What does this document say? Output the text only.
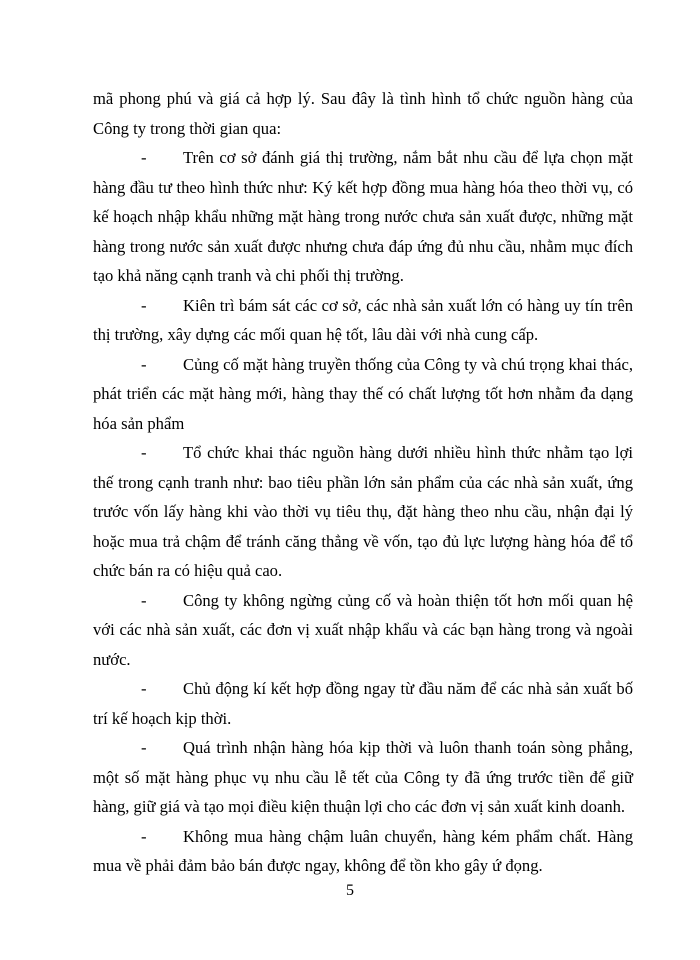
mã phong phú và giá cả hợp lý. Sau đây là tình hình tổ chức nguồn hàng của Công ty trong thời gian qua:

- Trên cơ sở đánh giá thị trường, nắm bắt nhu cầu để lựa chọn mặt hàng đầu tư theo hình thức như: Ký kết hợp đồng mua hàng hóa theo thời vụ, có kế hoạch nhập khẩu những mặt hàng trong nước chưa sản xuất được, những mặt hàng trong nước sản xuất được nhưng chưa đáp ứng đủ nhu cầu, nhằm mục đích tạo khả năng cạnh tranh và chi phối thị trường.

- Kiên trì bám sát các cơ sở, các nhà sản xuất lớn có hàng uy tín trên thị trường, xây dựng các mối quan hệ tốt, lâu dài với nhà cung cấp.

- Củng cố mặt hàng truyền thống của Công ty và chú trọng khai thác, phát triển các mặt hàng mới, hàng thay thế có chất lượng tốt hơn nhằm đa dạng hóa sản phẩm

- Tổ chức khai thác nguồn hàng dưới nhiều hình thức nhằm tạo lợi thế trong cạnh tranh như: bao tiêu phần lớn sản phẩm của các nhà sản xuất, ứng trước vốn lấy hàng khi vào thời vụ tiêu thụ, đặt hàng theo nhu cầu, nhận đại lý hoặc mua trả chậm để tránh căng thẳng về vốn, tạo đủ lực lượng hàng hóa để tổ chức bán ra có hiệu quả cao.

- Công ty không ngừng củng cố và hoàn thiện tốt hơn mối quan hệ với các nhà sản xuất, các đơn vị xuất nhập khẩu và các bạn hàng trong và ngoài nước.

- Chủ động kí kết hợp đồng ngay từ đầu năm để các nhà sản xuất bố trí kế hoạch kịp thời.

- Quá trình nhận hàng hóa kịp thời và luôn thanh toán sòng phẳng, một số mặt hàng phục vụ nhu cầu lễ tết của Công ty đã ứng trước tiền để giữ hàng, giữ giá và tạo mọi điều kiện thuận lợi cho các đơn vị sản xuất kinh doanh.

- Không mua hàng chậm luân chuyển, hàng kém phẩm chất. Hàng mua về phải đảm bảo bán được ngay, không để tồn kho gây ứ đọng.

5
